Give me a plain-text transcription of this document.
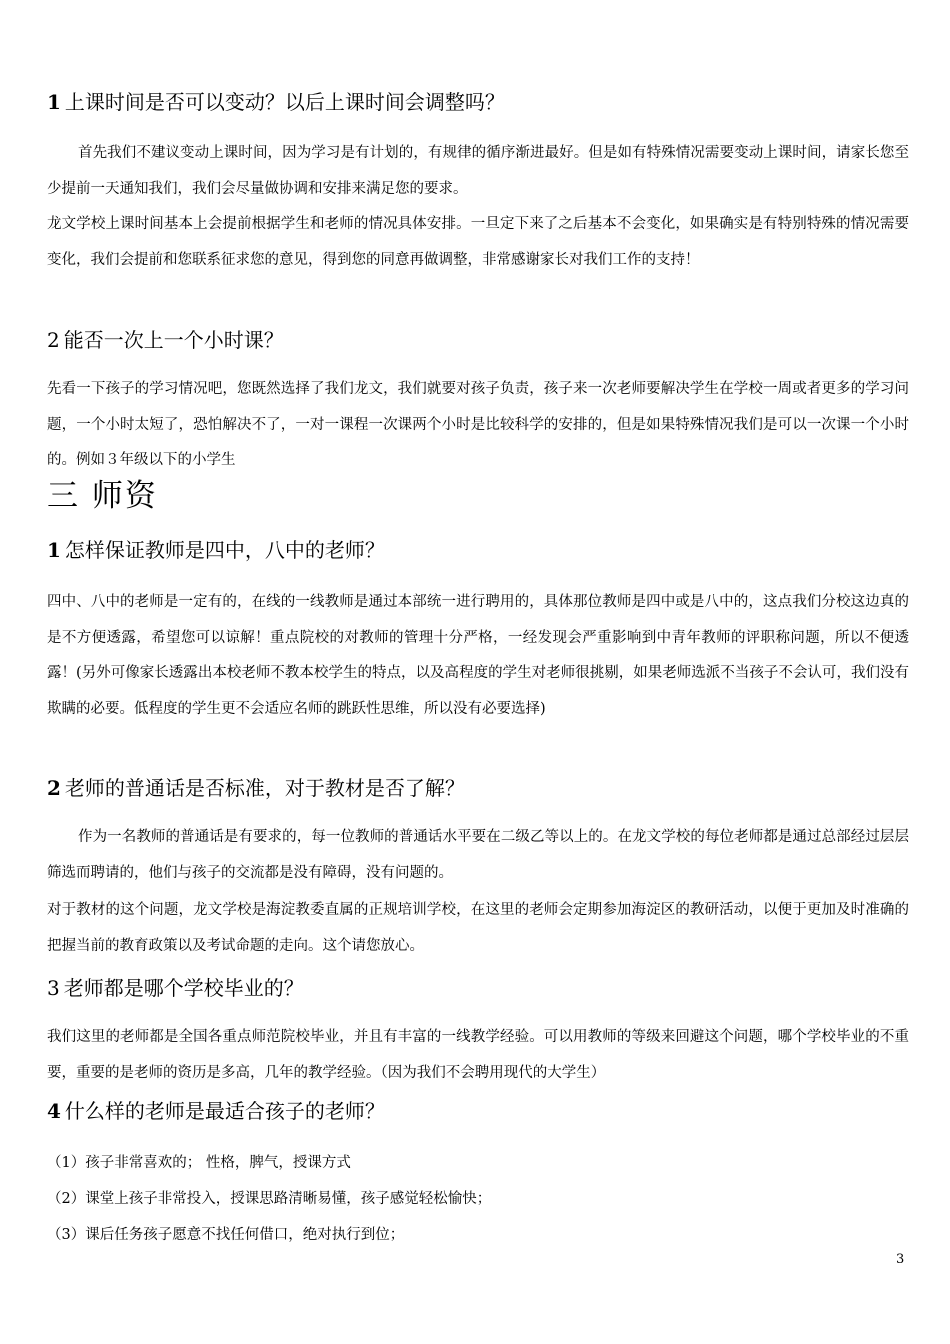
1 上课时间是否可以变动？以后上课时间会调整吗？
首先我们不建议变动上课时间，因为学习是有计划的，有规律的循序渐进最好。但是如有特殊情况需要变动上课时间，请家长您至少提前一天通知我们，我们会尽量做协调和安排来满足您的要求。
龙文学校上课时间基本上会提前根据学生和老师的情况具体安排。一旦定下来了之后基本不会变化，如果确实是有特别特殊的情况需要变化，我们会提前和您联系征求您的意见，得到您的同意再做调整，非常感谢家长对我们工作的支持！
2 能否一次上一个小时课？
先看一下孩子的学习情况吧，您既然选择了我们龙文，我们就要对孩子负责，孩子来一次老师要解决学生在学校一周或者更多的学习问题，一个小时太短了，恐怕解决不了，一对一课程一次课两个小时是比较科学的安排的，但是如果特殊情况我们是可以一次课一个小时的。例如３年级以下的小学生
三 师资
1 怎样保证教师是四中，八中的老师？
四中、八中的老师是一定有的，在线的一线教师是通过本部统一进行聘用的，具体那位教师是四中或是八中的，这点我们分校这边真的是不方便透露，希望您可以谅解！重点院校的对教师的管理十分严格，一经发现会严重影响到中青年教师的评职称问题，所以不便透露！(另外可像家长透露出本校老师不教本校学生的特点，以及高程度的学生对老师很挑剔，如果老师选派不当孩子不会认可，我们没有欺瞒的必要。低程度的学生更不会适应名师的跳跃性思维，所以没有必要选择)
2 老师的普通话是否标准，对于教材是否了解？
作为一名教师的普通话是有要求的，每一位教师的普通话水平要在二级乙等以上的。在龙文学校的每位老师都是通过总部经过层层筛选而聘请的，他们与孩子的交流都是没有障碍，没有问题的。
对于教材的这个问题，龙文学校是海淀教委直属的正规培训学校，在这里的老师会定期参加海淀区的教研活动，以便于更加及时准确的把握当前的教育政策以及考试命题的走向。这个请您放心。
3 老师都是哪个学校毕业的？
我们这里的老师都是全国各重点师范院校毕业，并且有丰富的一线教学经验。可以用教师的等级来回避这个问题，哪个学校毕业的不重要，重要的是老师的资历是多高，几年的教学经验。（因为我们不会聘用现代的大学生）
4 什么样的老师是最适合孩子的老师？
（1）孩子非常喜欢的； 性格，脾气，授课方式
（2）课堂上孩子非常投入，授课思路清晰易懂，孩子感觉轻松愉快；
（3）课后任务孩子愿意不找任何借口，绝对执行到位；
3
